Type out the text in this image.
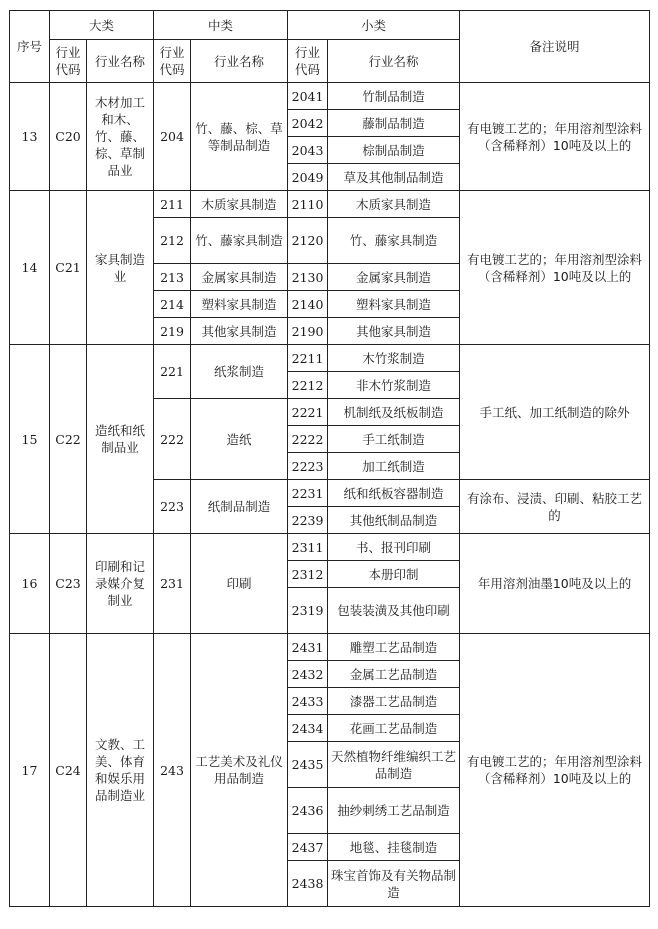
序号	大类		中类		小类		备注说明
	行业代码	行业名称	行业代码	行业名称	行业代码	行业名称	
13	C20	木材加工和木、竹、藤、棕、草制品业	204	竹、藤、棕、草等制品制造	2041	竹制品制造	有电镀工艺的；年用溶剂型涂料（含稀释剂）10吨及以上的
					2042	藤制品制造	
					2043	棕制品制造	
					2049	草及其他制品制造	
14	C21	家具制造业	211	木质家具制造	2110	木质家具制造	有电镀工艺的；年用溶剂型涂料（含稀释剂）10吨及以上的
			212	竹、藤家具制造	2120	竹、藤家具制造	
			213	金属家具制造	2130	金属家具制造	
			214	塑料家具制造	2140	塑料家具制造	
			219	其他家具制造	2190	其他家具制造	
15	C22	造纸和纸制品业	221	纸浆制造	2211	木竹浆制造	手工纸、加工纸制造的除外
					2212	非木竹浆制造	
			222	造纸	2221	机制纸及纸板制造	
					2222	手工纸制造	
					2223	加工纸制造	
			223	纸制品制造	2231	纸和纸板容器制造	有涂布、浸渍、印刷、粘胶工艺的
					2239	其他纸制品制造	
16	C23	印刷和记录媒介复制业	231	印刷	2311	书、报刊印刷	年用溶剂油墨10吨及以上的
					2312	本册印制	
					2319	包装装潢及其他印刷	
17	C24	文教、工美、体育和娱乐用品制造业	243	工艺美术及礼仪用品制造	2431	雕塑工艺品制造	有电镀工艺的；年用溶剂型涂料（含稀释剂）10吨及以上的
					2432	金属工艺品制造	
					2433	漆器工艺品制造	
					2434	花画工艺品制造	
					2435	天然植物纤维编织工艺品制造	
					2436	抽纱刺绣工艺品制造	
					2437	地毯、挂毯制造	
					2438	珠宝首饰及有关物品制造	
